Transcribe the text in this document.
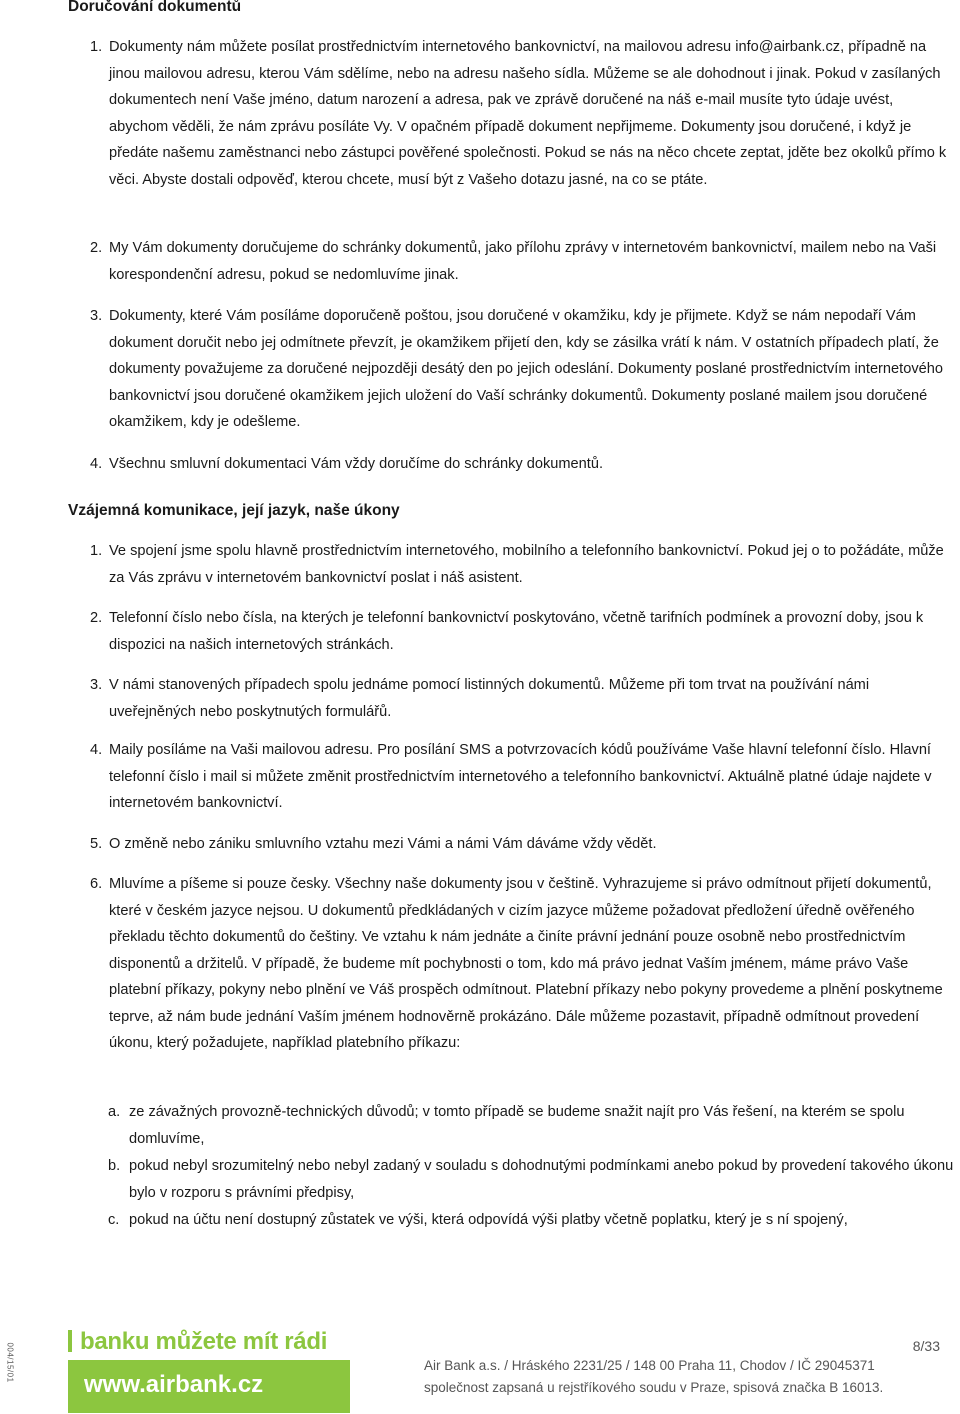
Doručování dokumentů
1. Dokumenty nám můžete posílat prostřednictvím internetového bankovnictví, na mailovou adresu info@airbank.cz, případně na jinou mailovou adresu, kterou Vám sdělíme, nebo na adresu našeho sídla. Můžeme se ale dohodnout i jinak. Pokud v zasílaných dokumentech není Vaše jméno, datum narození a adresa, pak ve zprávě doručené na náš e-mail musíte tyto údaje uvést, abychom věděli, že nám zprávu posíláte Vy. V opačném případě dokument nepřijmeme. Dokumenty jsou doručené, i když je předáte našemu zaměstnanci nebo zástupci pověřené společnosti. Pokud se nás na něco chcete zeptat, jděte bez okolků přímo k věci. Abyste dostali odpověď, kterou chcete, musí být z Vašeho dotazu jasné, na co se ptáte.
2. My Vám dokumenty doručujeme do schránky dokumentů, jako přílohu zprávy v internetovém bankovnictví, mailem nebo na Vaši korespondenční adresu, pokud se nedomluvíme jinak.
3. Dokumenty, které Vám posíláme doporučeně poštou, jsou doručené v okamžiku, kdy je přijmete. Když se nám nepodaří Vám dokument doručit nebo jej odmítnete převzít, je okamžikem přijetí den, kdy se zásilka vrátí k nám. V ostatních případech platí, že dokumenty považujeme za doručené nejpozději desátý den po jejich odeslání. Dokumenty poslané prostřednictvím internetového bankovnictví jsou doručené okamžikem jejich uložení do Vaší schránky dokumentů. Dokumenty poslané mailem jsou doručené okamžikem, kdy je odešleme.
4. Všechnu smluvní dokumentaci Vám vždy doručíme do schránky dokumentů.
Vzájemná komunikace, její jazyk, naše úkony
1. Ve spojení jsme spolu hlavně prostřednictvím internetového, mobilního a telefonního bankovnictví. Pokud jej o to požádáte, může za Vás zprávu v internetovém bankovnictví poslat i náš asistent.
2. Telefonní číslo nebo čísla, na kterých je telefonní bankovnictví poskytováno, včetně tarifních podmínek a provozní doby, jsou k dispozici na našich internetových stránkách.
3. V námi stanovených případech spolu jednáme pomocí listinných dokumentů. Můžeme při tom trvat na používání námi uveřejněných nebo poskytnutých formulářů.
4. Maily posíláme na Vaši mailovou adresu. Pro posílání SMS a potvrzovacích kódů používáme Vaše hlavní telefonní číslo. Hlavní telefonní číslo i mail si můžete změnit prostřednictvím internetového a telefonního bankovnictví. Aktuálně platné údaje najdete v internetovém bankovnictví.
5. O změně nebo zániku smluvního vztahu mezi Vámi a námi Vám dáváme vždy vědět.
6. Mluvíme a píšeme si pouze česky. Všechny naše dokumenty jsou v češtině. Vyhrazujeme si právo odmítnout přijetí dokumentů, které v českém jazyce nejsou. U dokumentů předkládaných v cizím jazyce můžeme požadovat předložení úředně ověřeného překladu těchto dokumentů do češtiny. Ve vztahu k nám jednáte a činíte právní jednání pouze osobně nebo prostřednictvím disponentů a držitelů. V případě, že budeme mít pochybnosti o tom, kdo má právo jednat Vaším jménem, máme právo Vaše platební příkazy, pokyny nebo plnění ve Váš prospěch odmítnout. Platební příkazy nebo pokyny provedeme a plnění poskytneme teprve, až nám bude jednání Vaším jménem hodnověrně prokázáno. Dále můžeme pozastavit, případně odmítnout provedení úkonu, který požadujete, například platebního příkazu:
a. ze závažných provozně-technických důvodů; v tomto případě se budeme snažit najít pro Vás řešení, na kterém se spolu domluvíme,
b. pokud nebyl srozumitelný nebo nebyl zadaný v souladu s dohodnutými podmínkami anebo pokud by provedení takového úkonu bylo v rozporu s právními předpisy,
c. pokud na účtu není dostupný zůstatek ve výši, která odpovídá výši platby včetně poplatku, který je s ní spojený,
004/15/01
banku můžete mít rádi
www.airbank.cz
8/33
Air Bank a.s. / Hráského 2231/25 / 148 00 Praha 11, Chodov / IČ 29045371
společnost zapsaná u rejstříkového soudu v Praze, spisová značka B 16013.
